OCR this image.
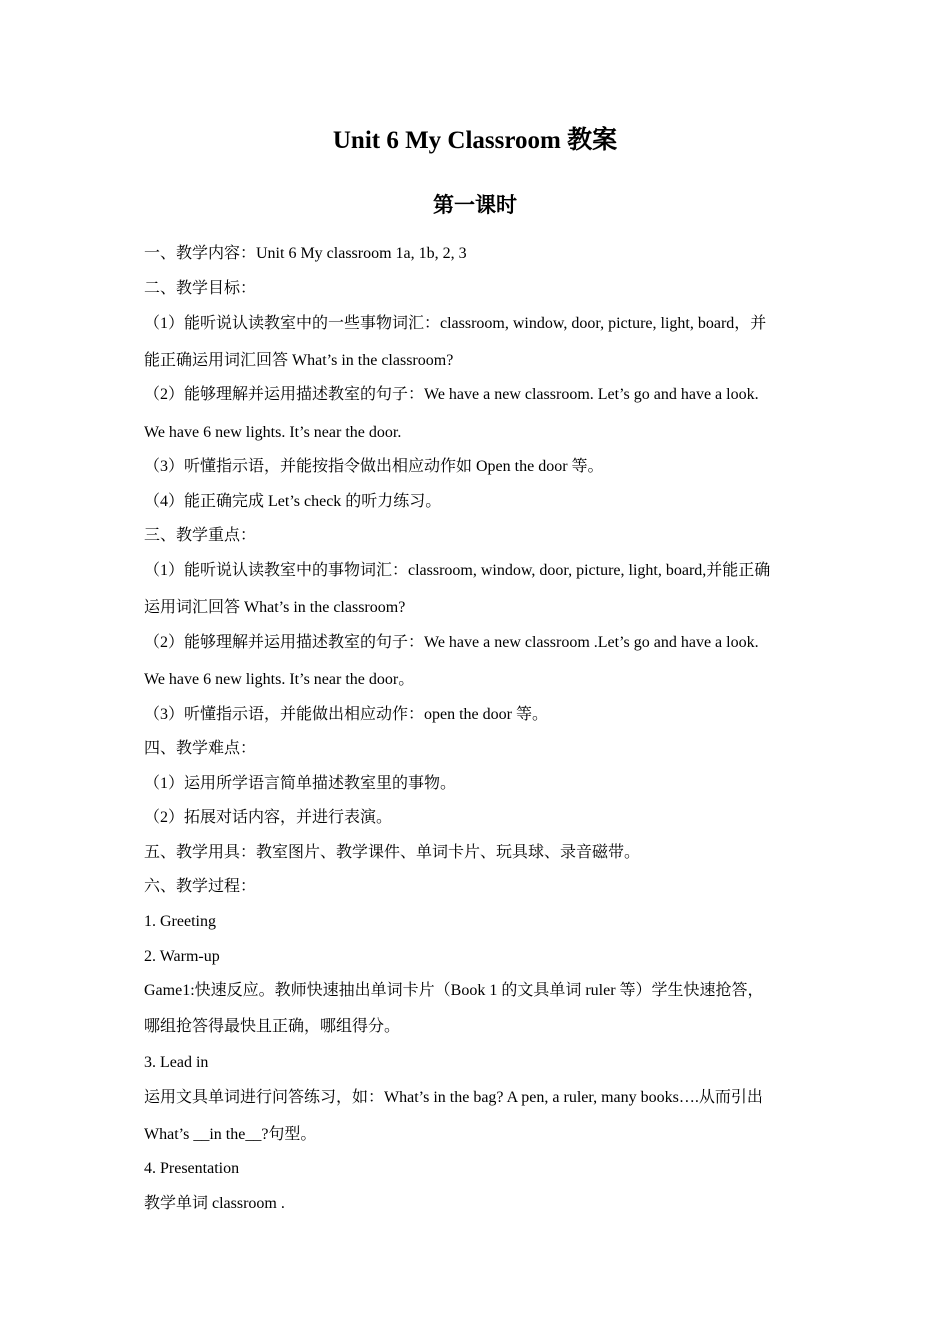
Unit 6 My Classroom 教案
第一课时
一、教学内容：Unit 6 My classroom 1a, 1b, 2, 3
二、教学目标：
（1）能听说认读教室中的一些事物词汇：classroom, window, door, picture, light, board，并
能正确运用词汇回答 What’s in the classroom?
（2）能够理解并运用描述教室的句子：We have a new classroom. Let’s go and have a look.
We have 6 new lights. It’s near the door.
（3）听懂指示语，并能按指令做出相应动作如 Open the door 等。
（4）能正确完成 Let’s check 的听力练习。
三、教学重点：
（1）能听说认读教室中的事物词汇：classroom, window, door, picture, light, board,并能正确
运用词汇回答 What’s in the classroom?
（2）能够理解并运用描述教室的句子：We have a new classroom .Let’s go and have a look.
We have 6 new lights. It’s near the door。
（3）听懂指示语，并能做出相应动作：open the door 等。
四、教学难点：
（1）运用所学语言简单描述教室里的事物。
（2）拓展对话内容，并进行表演。
五、教学用具：教室图片、教学课件、单词卡片、玩具球、录音磁带。
六、教学过程：
1. Greeting
2. Warm-up
Game1:快速反应。教师快速抽出单词卡片（Book 1 的文具单词 ruler 等）学生快速抢答，
哪组抢答得最快且正确，哪组得分。
3. Lead in
运用文具单词进行问答练习，如：What’s in the bag? A pen, a ruler, many books….从而引出
What’s __in the__?句型。
4. Presentation
教学单词 classroom .
